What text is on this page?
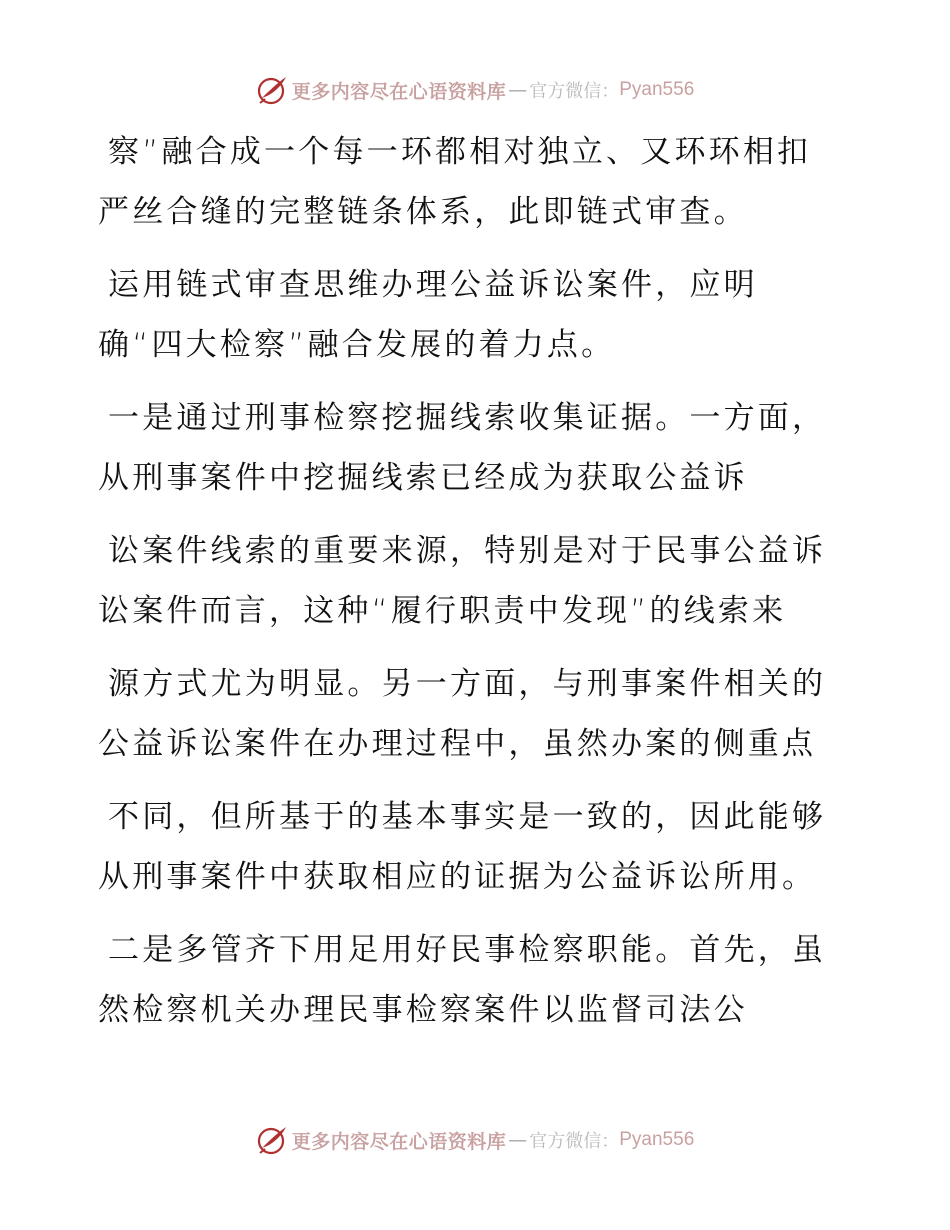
更多内容尽在心语资料库 — 官方微信： Pyan556
察”融合成一个每一环都相对独立、又环环相扣
严丝合缝的完整链条体系，此即链式审查。
运用链式审查思维办理公益诉讼案件，应明
确“四大检察”融合发展的着力点。
一是通过刑事检察挖掘线索收集证据。一方面，
从刑事案件中挖掘线索已经成为获取公益诉
讼案件线索的重要来源，特别是对于民事公益诉
讼案件而言，这种“履行职责中发现”的线索来
源方式尤为明显。另一方面，与刑事案件相关的
公益诉讼案件在办理过程中，虽然办案的侧重点
不同，但所基于的基本事实是一致的，因此能够
从刑事案件中获取相应的证据为公益诉讼所用。
二是多管齐下用足用好民事检察职能。首先，虽
然检察机关办理民事检察案件以监督司法公
更多内容尽在心语资料库 — 官方微信： Pyan556
